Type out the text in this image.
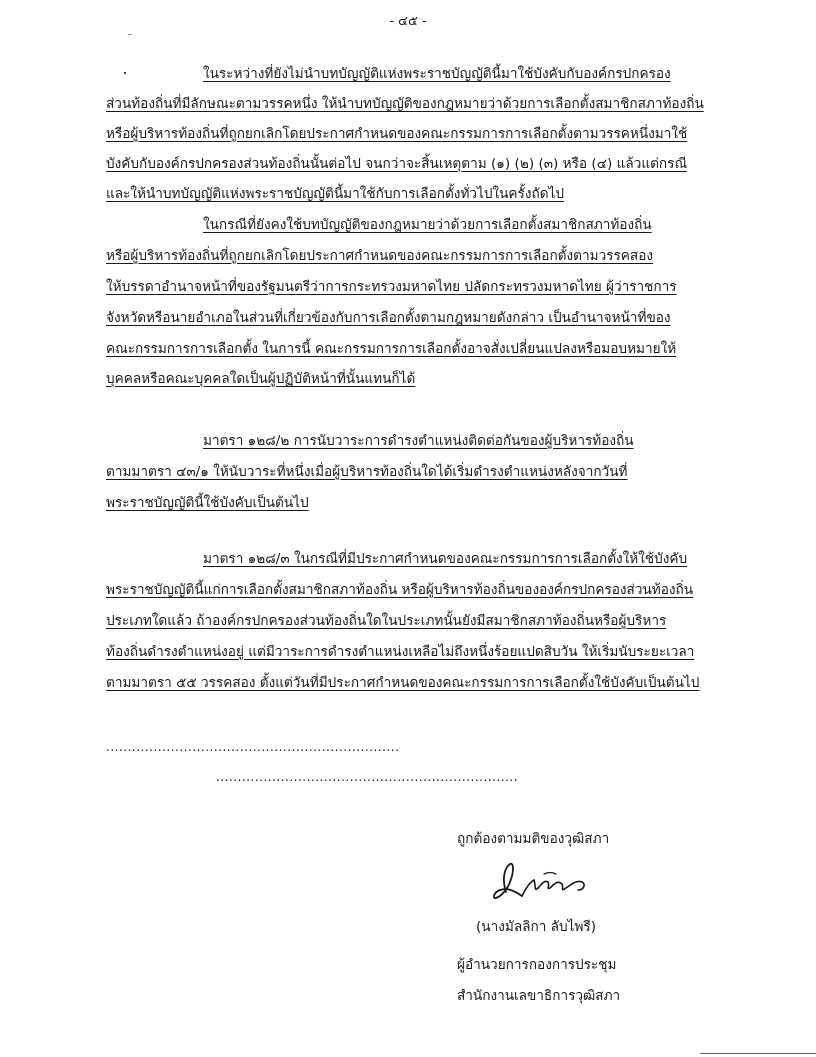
- ๔๕ -
ในระหว่างที่ยังไม่นำบทบัญญัติแห่งพระราชบัญญัตินี้มาใช้บังคับกับองค์กรปกครอง
ส่วนท้องถิ่นที่มีลักษณะตามวรรคหนึ่ง ให้นำบทบัญญัติของกฎหมายว่าด้วยการเลือกตั้งสมาชิกสภาท้องถิ่น
หรือผู้บริหารท้องถิ่นที่ถูกยกเลิกโดยประกาศกำหนดของคณะกรรมการการเลือกตั้งตามวรรคหนึ่งมาใช้
บังคับกับองค์กรปกครองส่วนท้องถิ่นนั้นต่อไป จนกว่าจะสิ้นเหตุตาม (๑) (๒) (๓) หรือ (๔) แล้วแต่กรณี
และให้นำบทบัญญัติแห่งพระราชบัญญัตินี้มาใช้กับการเลือกตั้งทั่วไปในครั้งถัดไป
ในกรณีที่ยังคงใช้บทบัญญัติของกฎหมายว่าด้วยการเลือกตั้งสมาชิกสภาท้องถิ่น
หรือผู้บริหารท้องถิ่นที่ถูกยกเลิกโดยประกาศกำหนดของคณะกรรมการการเลือกตั้งตามวรรคสอง
ให้บรรดาอำนาจหน้าที่ของรัฐมนตรีว่าการกระทรวงมหาดไทย ปลัดกระทรวงมหาดไทย ผู้ว่าราชการ
จังหวัดหรือนายอำเภอในส่วนที่เกี่ยวข้องกับการเลือกตั้งตามกฎหมายดังกล่าว เป็นอำนาจหน้าที่ของ
คณะกรรมการการเลือกตั้ง ในการนี้ คณะกรรมการการเลือกตั้งอาจสั่งเปลี่ยนแปลงหรือมอบหมายให้
บุคคลหรือคณะบุคคลใดเป็นผู้ปฏิบัติหน้าที่นั้นแทนก็ได้
มาตรา ๑๒๘/๒ การนับวาระการดำรงตำแหน่งติดต่อกันของผู้บริหารท้องถิ่น
ตามมาตรา ๔๓/๑ ให้นับวาระที่หนึ่งเมื่อผู้บริหารท้องถิ่นใดได้เริ่มดำรงตำแหน่งหลังจากวันที่
พระราชบัญญัตินี้ใช้บังคับเป็นต้นไป
มาตรา ๑๒๘/๓ ในกรณีที่มีประกาศกำหนดของคณะกรรมการการเลือกตั้งให้ใช้บังคับ
พระราชบัญญัตินี้แก่การเลือกตั้งสมาชิกสภาท้องถิ่น หรือผู้บริหารท้องถิ่นขององค์กรปกครองส่วนท้องถิ่น
ประเภทใดแล้ว ถ้าองค์กรปกครองส่วนท้องถิ่นใดในประเภทนั้นยังมีสมาชิกสภาท้องถิ่นหรือผู้บริหาร
ท้องถิ่นดำรงตำแหน่งอยู่ แต่มีวาระการดำรงตำแหน่งเหลือไม่ถึงหนึ่งร้อยแปดสิบวัน ให้เริ่มนับระยะเวลา
ตามมาตรา ๕๕ วรรคสอง ตั้งแต่วันที่มีประกาศกำหนดของคณะกรรมการการเลือกตั้งใช้บังคับเป็นต้นไป
....................................................................
......................................................................
ถูกต้องตามมติของวุฒิสภา
(นางมัลลิกา ลับไพรี)
ผู้อำนวยการกองการประชุม
สำนักงานเลขาธิการวุฒิสภา
